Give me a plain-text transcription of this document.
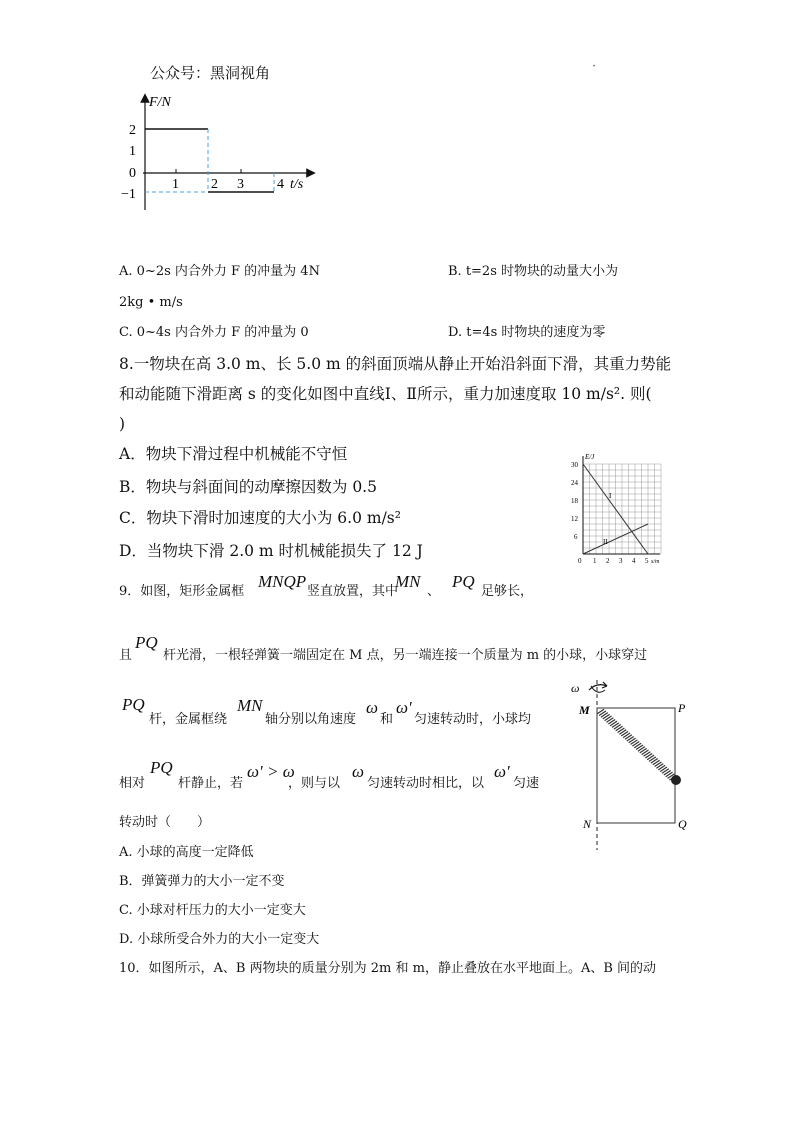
公众号：黑洞视角	·
F/N
2
1
0
−1
1 2 3 4 t/s
A. 0~2s 内合外力 F 的冲量为 4N	B. t=2s 时物块的动量大小为
2kg • m/s
C. 0~4s 内合外力 F 的冲量为 0	D. t=4s 时物块的速度为零
8.一物块在高 3.0 m、长 5.0 m 的斜面顶端从静止开始沿斜面下滑，其重力势能
和动能随下滑距离 s 的变化如图中直线Ⅰ、Ⅱ所示，重力加速度取 10 m/s². 则(
)
A．物块下滑过程中机械能不守恒
B．物块与斜面间的动摩擦因数为 0.5
C．物块下滑时加速度的大小为 6.0 m/s²
D．当物块下滑 2.0 m 时机械能损失了 12 J
I
II
E/J
30
24
18
12
6
0 1 2 3 4 5 s/m
9．如图，矩形金属框
MNQP
竖直放置，其中
MN
、
PQ
足够长，
且
PQ
杆光滑，一根轻弹簧一端固定在 M 点，另一端连接一个质量为 m 的小球，小球穿过
PQ
杆，金属框绕
MN
轴分别以角速度
ω
和
ω′
匀速转动时，小球均
相对
PQ
杆静止，若
ω′ > ω
，则与以
ω
匀速转动时相比，以
ω′
匀速
转动时（　　）
A. 小球的高度一定降低
B．弹簧弹力的大小一定不变
C. 小球对杆压力的大小一定变大
D. 小球所受合外力的大小一定变大
ω
M	P
N	Q
10．如图所示，A、B 两物块的质量分别为 2m 和 m，静止叠放在水平地面上。A、B 间的动
